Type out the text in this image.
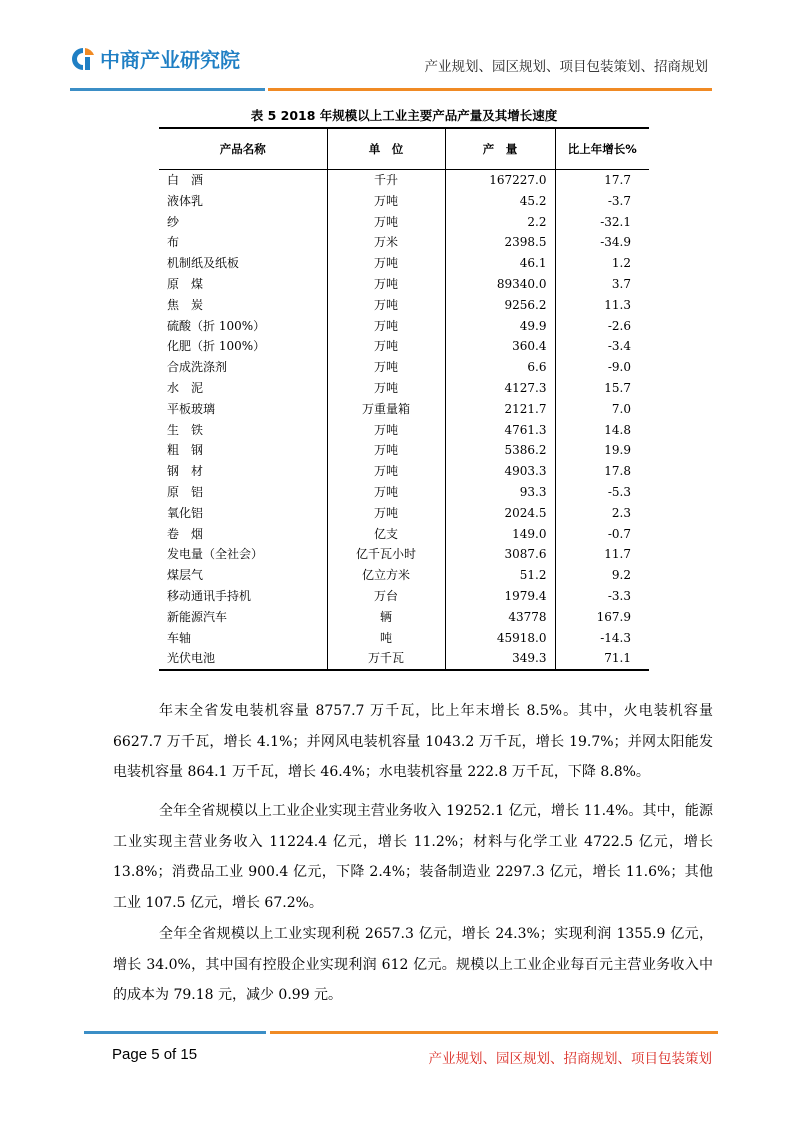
中商产业研究院	产业规划、园区规划、项目包装策划、招商规划
表 5 2018 年规模以上工业主要产品产量及其增长速度
产品名称	单　位	产　量	比上年增长%
白　酒	千升	167227.0	17.7
液体乳	万吨	45.2	-3.7
纱	万吨	2.2	-32.1
布	万米	2398.5	-34.9
机制纸及纸板	万吨	46.1	1.2
原　煤	万吨	89340.0	3.7
焦　炭	万吨	9256.2	11.3
硫酸（折 100%）	万吨	49.9	-2.6
化肥（折 100%）	万吨	360.4	-3.4
合成洗涤剂	万吨	6.6	-9.0
水　泥	万吨	4127.3	15.7
平板玻璃	万重量箱	2121.7	7.0
生　铁	万吨	4761.3	14.8
粗　钢	万吨	5386.2	19.9
钢　材	万吨	4903.3	17.8
原　铝	万吨	93.3	-5.3
氧化铝	万吨	2024.5	2.3
卷　烟	亿支	149.0	-0.7
发电量（全社会）	亿千瓦小时	3087.6	11.7
煤层气	亿立方米	51.2	9.2
移动通讯手持机	万台	1979.4	-3.3
新能源汽车	辆	43778	167.9
车轴	吨	45918.0	-14.3
光伏电池	万千瓦	349.3	71.1

年末全省发电装机容量 8757.7 万千瓦，比上年末增长 8.5%。其中，火电装机容量 6627.7 万千瓦，增长 4.1%；并网风电装机容量 1043.2 万千瓦，增长 19.7%；并网太阳能发电装机容量 864.1 万千瓦，增长 46.4%；水电装机容量 222.8 万千瓦，下降 8.8%。

全年全省规模以上工业企业实现主营业务收入 19252.1 亿元，增长 11.4%。其中，能源工业实现主营业务收入 11224.4 亿元，增长 11.2%；材料与化学工业 4722.5 亿元，增长 13.8%；消费品工业 900.4 亿元，下降 2.4%；装备制造业 2297.3 亿元，增长 11.6%；其他工业 107.5 亿元，增长 67.2%。

全年全省规模以上工业实现利税 2657.3 亿元，增长 24.3%；实现利润 1355.9 亿元，增长 34.0%，其中国有控股企业实现利润 612 亿元。规模以上工业企业每百元主营业务收入中的成本为 79.18 元，减少 0.99 元。

Page 5 of 15	产业规划、园区规划、招商规划、项目包装策划
